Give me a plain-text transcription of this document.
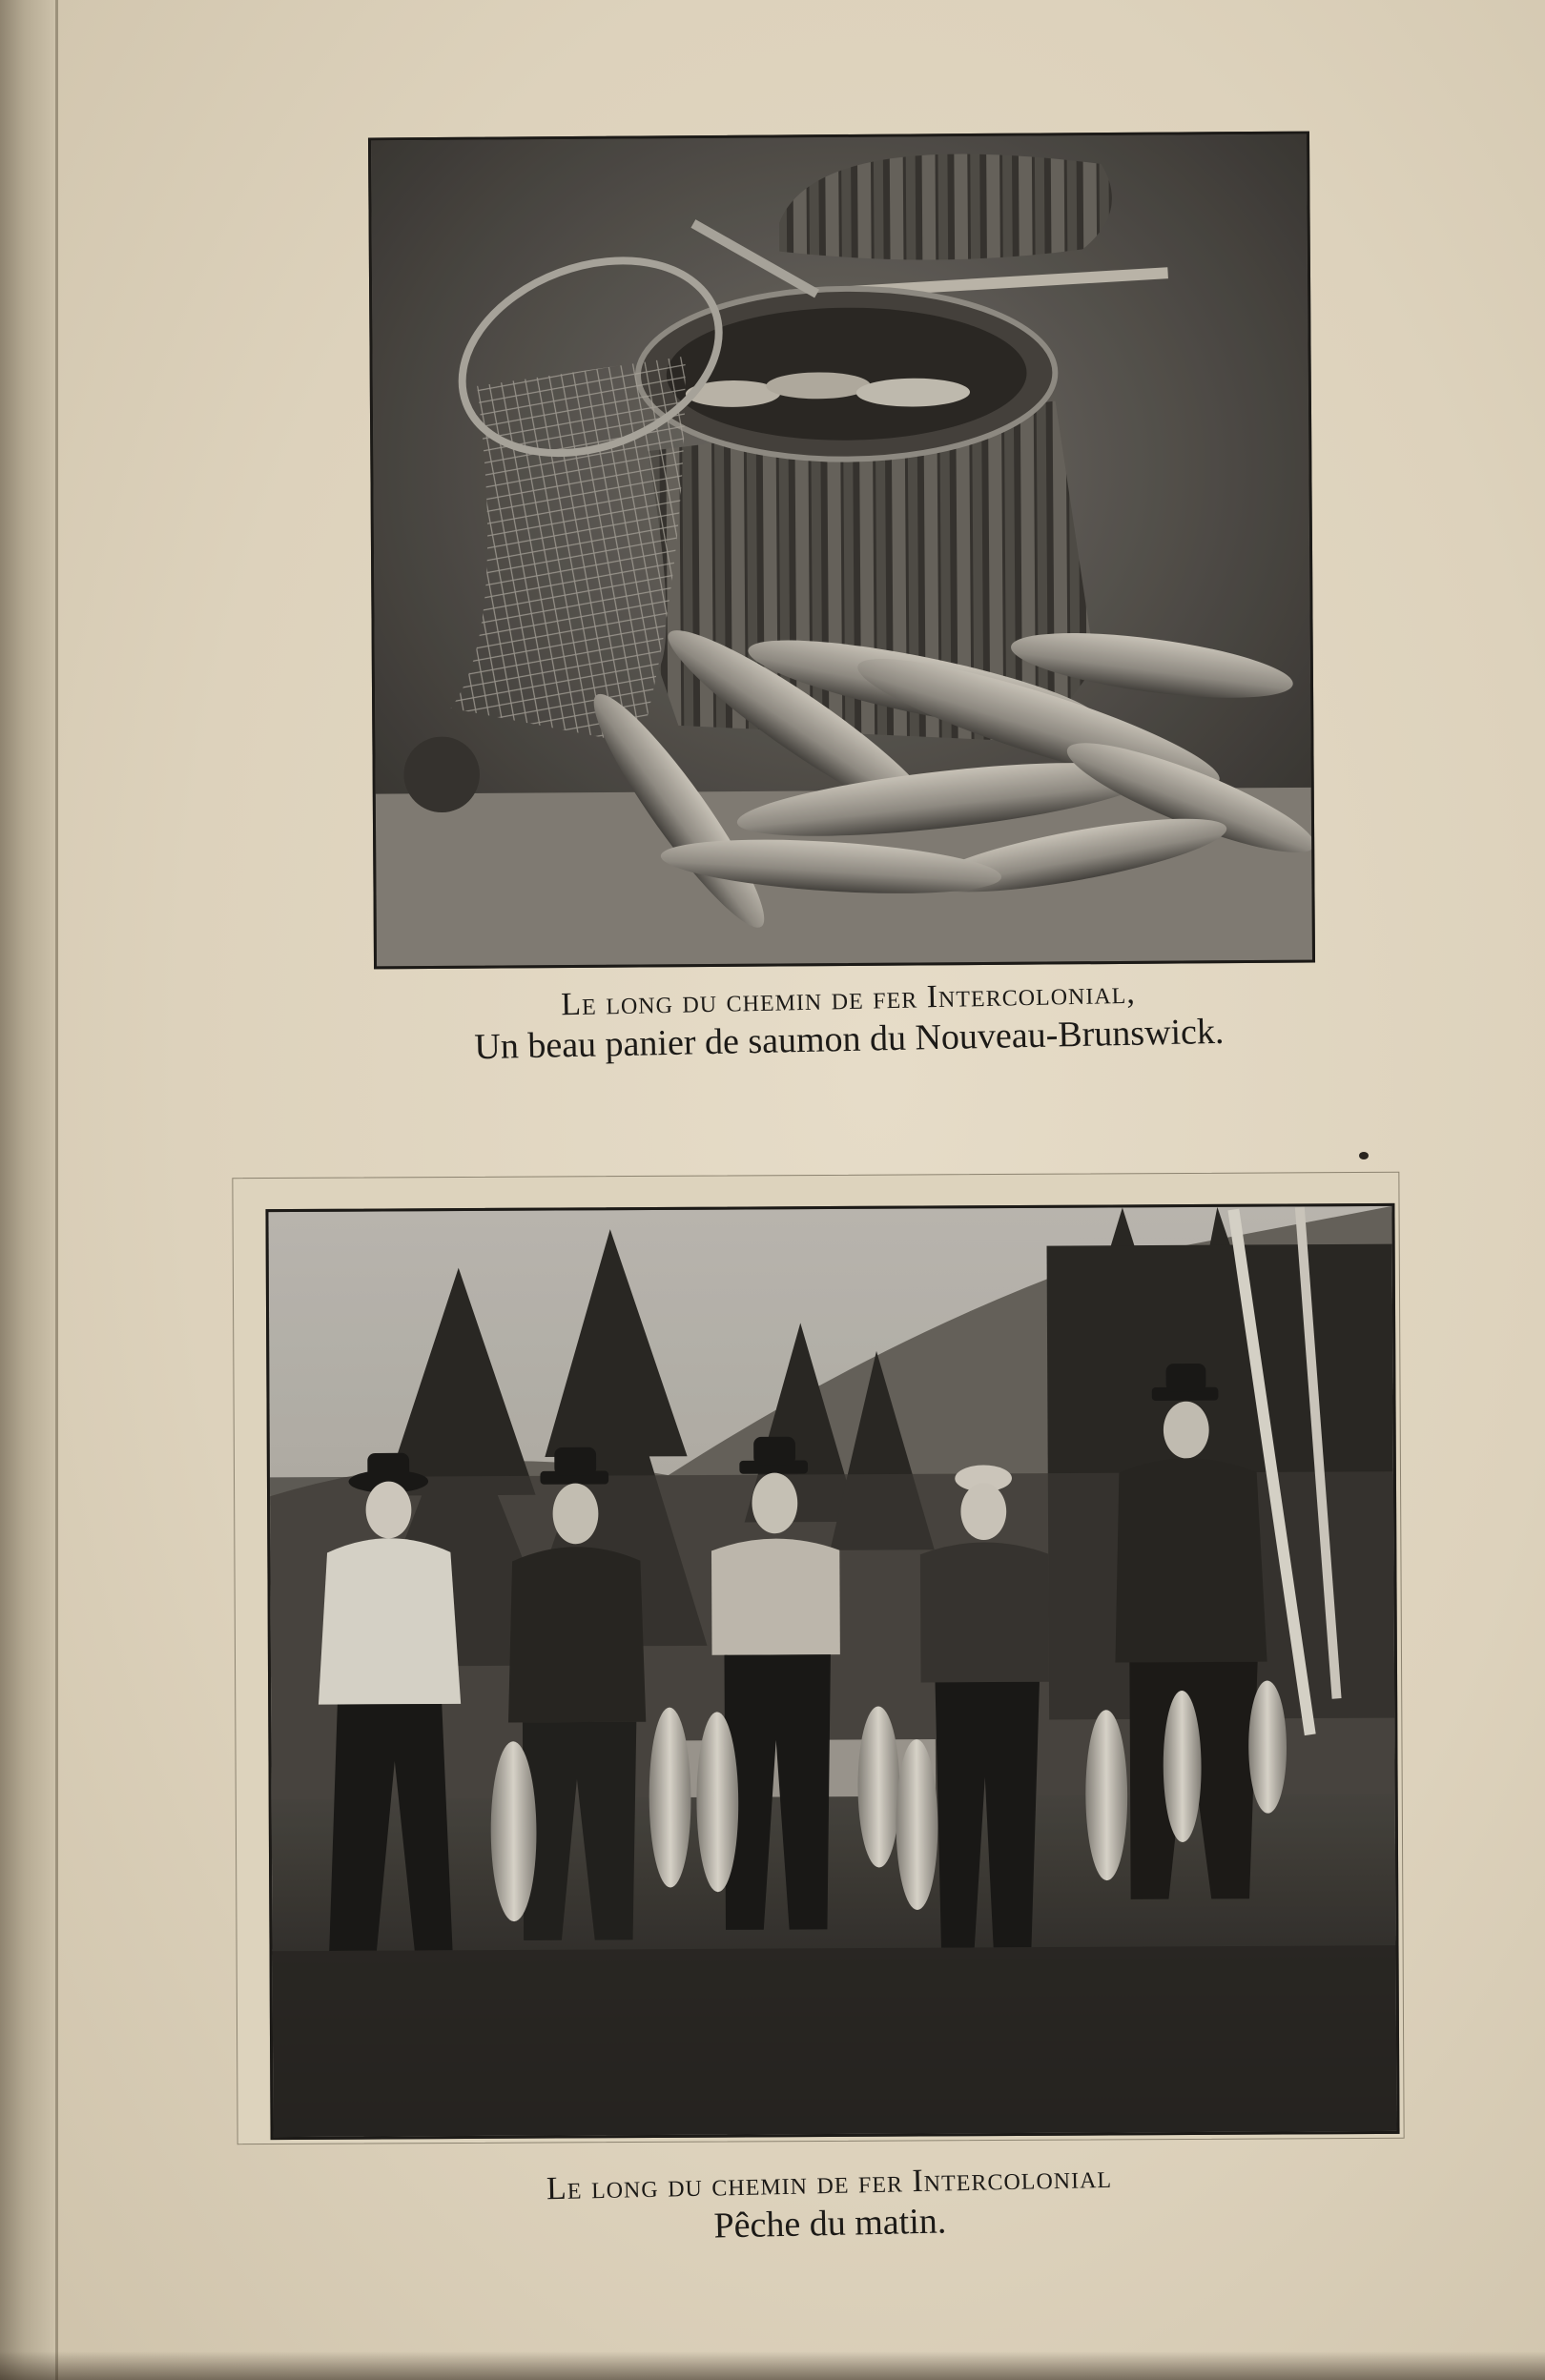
Le long du chemin de fer Intercolonial,
Un beau panier de saumon du Nouveau-Brunswick.
Le long du chemin de fer Intercolonial
Pêche du matin.
